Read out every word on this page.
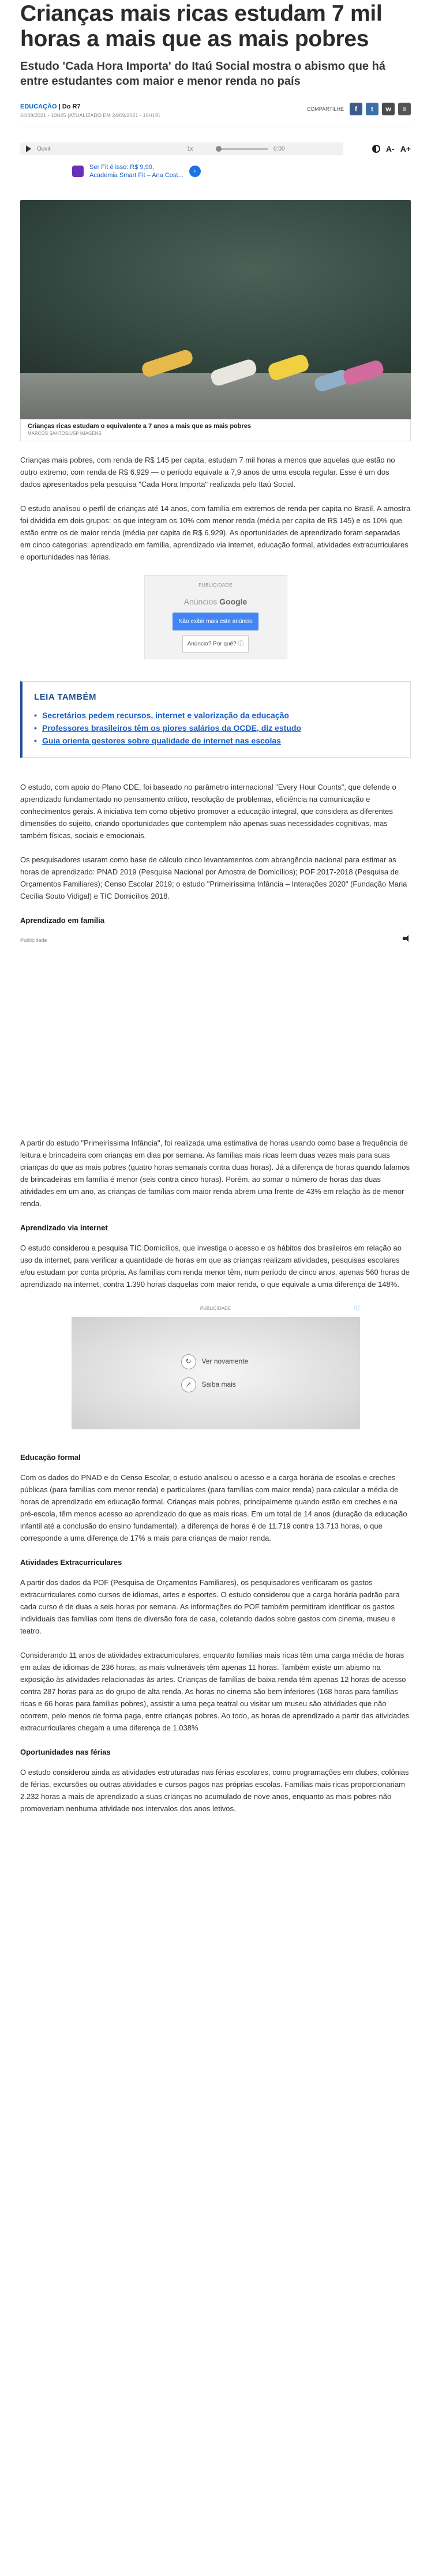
Crianças mais ricas estudam 7 mil horas a mais que as mais pobres
Estudo 'Cada Hora Importa' do Itaú Social mostra o abismo que há entre estudantes com maior e menor renda no país
EDUCAÇÃO | Do R7
24/09/2021 - 10H25 (ATUALIZADO EM 24/09/2021 - 10H19)
COMPARTILHE	f	t	w	≡
Ouvir	1x	0:00	A- A+
Ser Fit é isso: R$ 9,90,
Academia Smart Fit – Ana Cost...
›
Crianças ricas estudam o equivalente a 7 anos a mais que as mais pobres
MARCOS SANTOS/USP IMAGENS

Crianças mais pobres, com renda de R$ 145 per capita, estudam 7 mil horas a menos que aquelas que estão no outro extremo, com renda de R$ 6.929 — o período equivale a 7,9 anos de uma escola regular. Esse é um dos dados apresentados pela pesquisa "Cada Hora Importa" realizada pelo Itaú Social.

O estudo analisou o perfil de crianças até 14 anos, com família em extremos de renda per capita no Brasil. A amostra foi dividida em dois grupos: os que integram os 10% com menor renda (média per capita de R$ 145) e os 10% que estão entre os de maior renda (média per capita de R$ 6.929). As oportunidades de aprendizado foram separadas em cinco categorias: aprendizado em família, aprendizado via internet, educação formal, atividades extracurriculares e oportunidades nas férias.

PUBLICIDADE
Anúncios Google
Não exibir mais este anúncio
Anúncio? Por quê? ⓘ
LEIA TAMBÉM
• Secretários pedem recursos, internet e valorização da educação
• Professores brasileiros têm os piores salários da OCDE, diz estudo
• Guia orienta gestores sobre qualidade de internet nas escolas

O estudo, com apoio do Plano CDE, foi baseado no parâmetro internacional "Every Hour Counts", que defende o aprendizado fundamentado no pensamento crítico, resolução de problemas, eficiência na comunicação e conhecimentos gerais. A iniciativa tem como objetivo promover a educação integral, que considera as diferentes dimensões do sujeito, criando oportunidades que contemplem não apenas suas necessidades cognitivas, mas também físicas, sociais e emocionais.

Os pesquisadores usaram como base de cálculo cinco levantamentos com abrangência nacional para estimar as horas de aprendizado: PNAD 2019 (Pesquisa Nacional por Amostra de Domicílios); POF 2017-2018 (Pesquisa de Orçamentos Familiares); Censo Escolar 2019; o estudo "Primeiríssima Infância – Interações 2020" (Fundação Maria Cecília Souto Vidigal) e TIC Domicílios 2018.

Aprendizado em família
Publicidade

A partir do estudo "Primeiríssima Infância", foi realizada uma estimativa de horas usando como base a frequência de leitura e brincadeira com crianças em dias por semana. As famílias mais ricas leem duas vezes mais para suas crianças do que as mais pobres (quatro horas semanais contra duas horas). Já a diferença de horas quando falamos de brincadeiras em família é menor (seis contra cinco horas). Porém, ao somar o número de horas das duas atividades em um ano, as crianças de famílias com maior renda abrem uma frente de 43% em relação às de menor renda.

Aprendizado via internet

O estudo considerou a pesquisa TIC Domicílios, que investiga o acesso e os hábitos dos brasileiros em relação ao uso da internet, para verificar a quantidade de horas em que as crianças realizam atividades, pesquisas escolares e/ou estudam por conta própria. As famílias com renda menor têm, num período de cinco anos, apenas 560 horas de aprendizado na internet, contra 1.390 horas daquelas com maior renda, o que equivale a uma diferença de 148%.

PUBLICIDADE	ⓘ
↻	Ver novamente
↗	Saiba mais
Educação formal

Com os dados do PNAD e do Censo Escolar, o estudo analisou o acesso e a carga horária de escolas e creches públicas (para famílias com menor renda) e particulares (para famílias com maior renda) para calcular a média de horas de aprendizado em educação formal. Crianças mais pobres, principalmente quando estão em creches e na pré-escola, têm menos acesso ao aprendizado do que as mais ricas. Em um total de 14 anos (duração da educação infantil até a conclusão do ensino fundamental), a diferença de horas é de 11.719 contra 13.713 horas, o que corresponde a uma diferença de 17% a mais para crianças de maior renda.

Atividades Extracurriculares

A partir dos dados da POF (Pesquisa de Orçamentos Familiares), os pesquisadores verificaram os gastos extracurriculares como cursos de idiomas, artes e esportes. O estudo considerou que a carga horária padrão para cada curso é de duas a seis horas por semana. As informações do POF também permitiram identificar os gastos individuais das famílias com itens de diversão fora de casa, coletando dados sobre gastos com cinema, museu e teatro.

Considerando 11 anos de atividades extracurriculares, enquanto famílias mais ricas têm uma carga média de horas em aulas de idiomas de 236 horas, as mais vulneráveis têm apenas 11 horas. Também existe um abismo na exposição às atividades relacionadas às artes. Crianças de famílias de baixa renda têm apenas 12 horas de acesso contra 287 horas para as do grupo de alta renda. As horas no cinema são bem inferiores (168 horas para famílias ricas e 66 horas para famílias pobres), assistir a uma peça teatral ou visitar um museu são atividades que não ocorrem, pelo menos de forma paga, entre crianças pobres. Ao todo, as horas de aprendizado a partir das atividades extracurriculares chegam a uma diferença de 1.038%

Oportunidades nas férias

O estudo considerou ainda as atividades estruturadas nas férias escolares, como programações em clubes, colônias de férias, excursões ou outras atividades e cursos pagos nas próprias escolas. Famílias mais ricas proporcionariam 2.232 horas a mais de aprendizado a suas crianças no acumulado de nove anos, enquanto as mais pobres não promoveriam nenhuma atividade nos intervalos dos anos letivos.
